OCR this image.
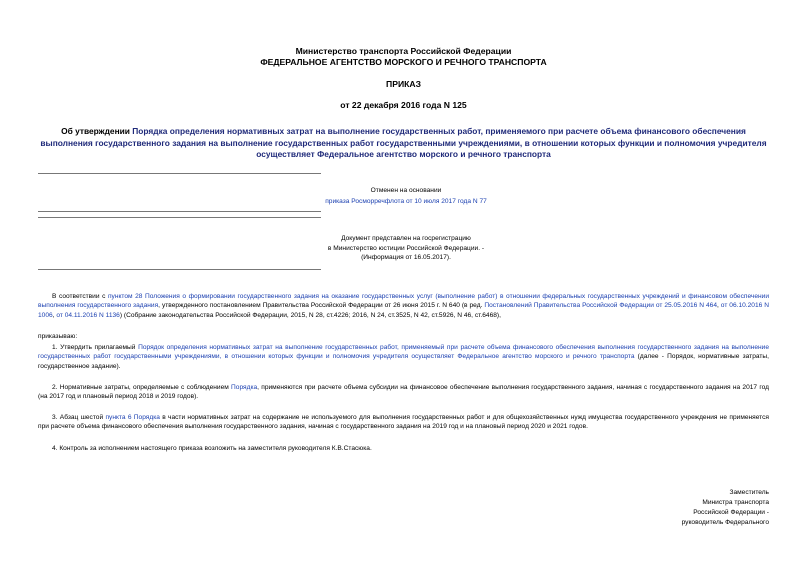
Министерство транспорта Российской Федерации
ФЕДЕРАЛЬНОЕ АГЕНТСТВО МОРСКОГО И РЕЧНОГО ТРАНСПОРТА
ПРИКАЗ
от 22 декабря 2016 года N 125
Об утверждении Порядка определения нормативных затрат на выполнение государственных работ, применяемого при расчете объема финансового обеспечения выполнения государственного задания на выполнение государственных работ государственными учреждениями, в отношении которых функции и полномочия учредителя осуществляет Федеральное агентство морского и речного транспорта
Отменен на основании
приказа Росморречфлота от 10 июля 2017 года N 77
Документ представлен на госрегистрацию
в Министерство юстиции Российской Федерации. -
(Информация от 16.05.2017).
В соответствии с пунктом 28 Положения о формировании государственного задания на оказание государственных услуг (выполнение работ) в отношении федеральных государственных учреждений и финансовом обеспечении выполнения государственного задания, утвержденного постановлением Правительства Российской Федерации от 26 июня 2015 г. N 640 (в ред. Постановлений Правительства Российской Федерации от 25.05.2016 N 464, от 06.10.2016 N 1006, от 04.11.2016 N 1136) (Собрание законодательства Российской Федерации, 2015, N 28, ст.4226; 2016, N 24, ст.3525, N 42, ст.5926, N 46, ст.6468),
приказываю:
1. Утвердить прилагаемый Порядок определения нормативных затрат на выполнение государственных работ, применяемый при расчете объема финансового обеспечения выполнения государственного задания на выполнение государственных работ государственными учреждениями, в отношении которых функции и полномочия учредителя осуществляет Федеральное агентство морского и речного транспорта (далее - Порядок, нормативные затраты, государственное задание).
2. Нормативные затраты, определяемые с соблюдением Порядка, применяются при расчете объема субсидии на финансовое обеспечение выполнения государственного задания, начиная с государственного задания на 2017 год (на 2017 год и плановый период 2018 и 2019 годов).
3. Абзац шестой пункта 6 Порядка в части нормативных затрат на содержание не используемого для выполнения государственных работ и для общехозяйственных нужд имущества государственного учреждения не применяется при расчете объема финансового обеспечения выполнения государственного задания, начиная с государственного задания на 2019 год и на плановый период 2020 и 2021 годов.
4. Контроль за исполнением настоящего приказа возложить на заместителя руководителя К.В.Стасюка.
Заместитель
Министра транспорта
Российской Федерации -
руководитель Федерального
